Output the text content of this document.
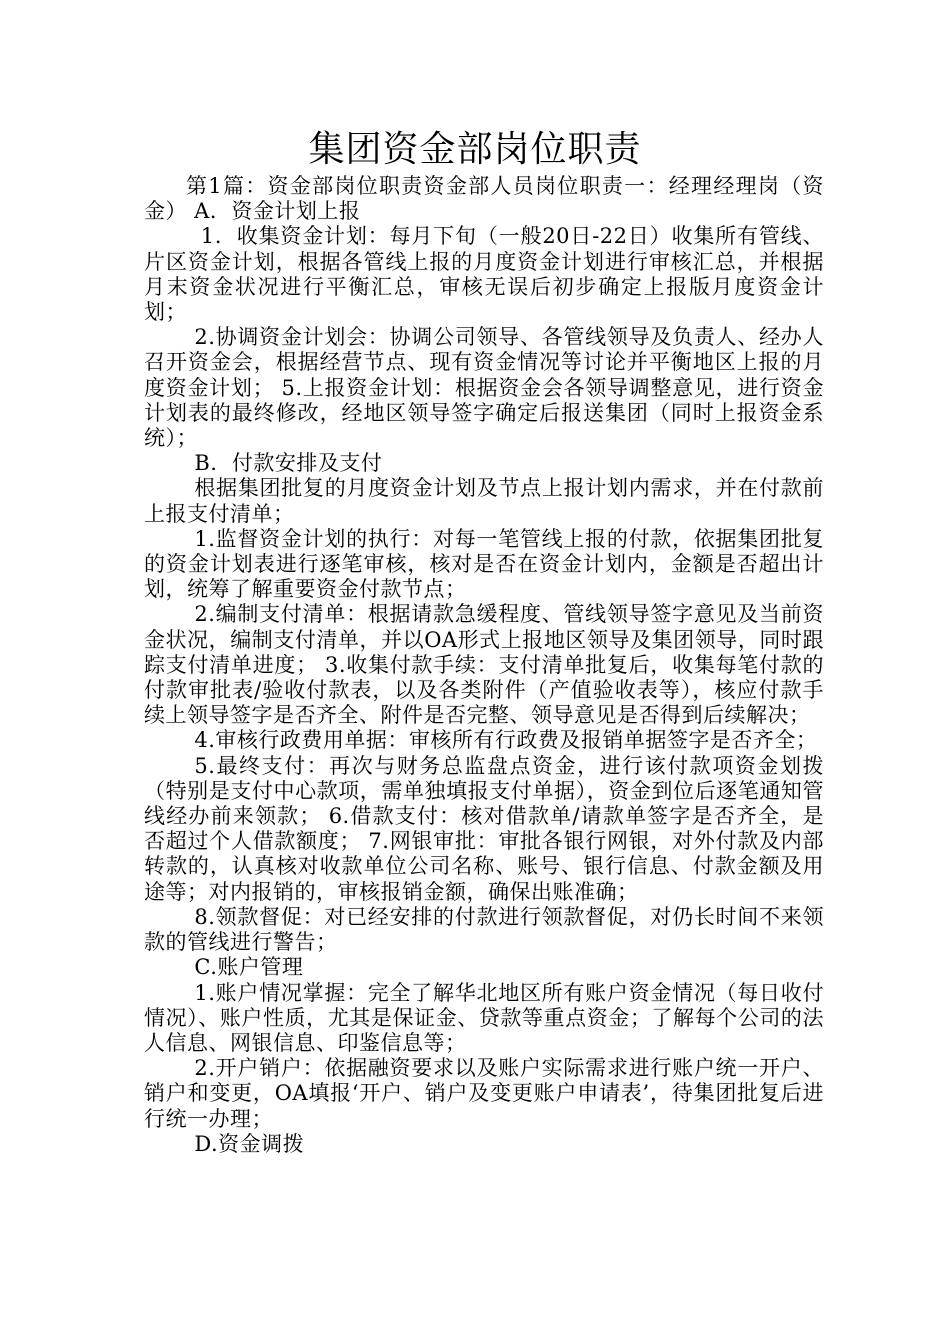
集团资金部岗位职责

第1篇：资金部岗位职责资金部人员岗位职责一：经理经理岗（资金） A．资金计划上报

1．收集资金计划：每月下旬（一般20日-22日）收集所有管线、片区资金计划，根据各管线上报的月度资金计划进行审核汇总，并根据月末资金状况进行平衡汇总，审核无误后初步确定上报版月度资金计划；

2.协调资金计划会：协调公司领导、各管线领导及负责人、经办人召开资金会，根据经营节点、现有资金情况等讨论并平衡地区上报的月度资金计划； 5.上报资金计划：根据资金会各领导调整意见，进行资金计划表的最终修改，经地区领导签字确定后报送集团（同时上报资金系统）；

B．付款安排及支付

根据集团批复的月度资金计划及节点上报计划内需求，并在付款前上报支付清单；

1.监督资金计划的执行：对每一笔管线上报的付款，依据集团批复的资金计划表进行逐笔审核，核对是否在资金计划内，金额是否超出计划，统筹了解重要资金付款节点；

2.编制支付清单：根据请款急缓程度、管线领导签字意见及当前资金状况，编制支付清单，并以OA形式上报地区领导及集团领导，同时跟踪支付清单进度； 3.收集付款手续：支付清单批复后，收集每笔付款的付款审批表/验收付款表，以及各类附件（产值验收表等），核应付款手续上领导签字是否齐全、附件是否完整、领导意见是否得到后续解决；

4.审核行政费用单据：审核所有行政费及报销单据签字是否齐全；

5.最终支付：再次与财务总监盘点资金，进行该付款项资金划拨（特别是支付中心款项，需单独填报支付单据），资金到位后逐笔通知管线经办前来领款； 6.借款支付：核对借款单/请款单签字是否齐全，是否超过个人借款额度； 7.网银审批：审批各银行网银，对外付款及内部转款的，认真核对收款单位公司名称、账号、银行信息、付款金额及用途等；对内报销的，审核报销金额，确保出账准确；

8.领款督促：对已经安排的付款进行领款督促，对仍长时间不来领款的管线进行警告；

C.账户管理

1.账户情况掌握：完全了解华北地区所有账户资金情况（每日收付情况）、账户性质，尤其是保证金、贷款等重点资金；了解每个公司的法人信息、网银信息、印鉴信息等；

2.开户销户：依据融资要求以及账户实际需求进行账户统一开户、销户和变更，OA填报‘开户、销户及变更账户申请表’，待集团批复后进行统一办理；

D.资金调拨
